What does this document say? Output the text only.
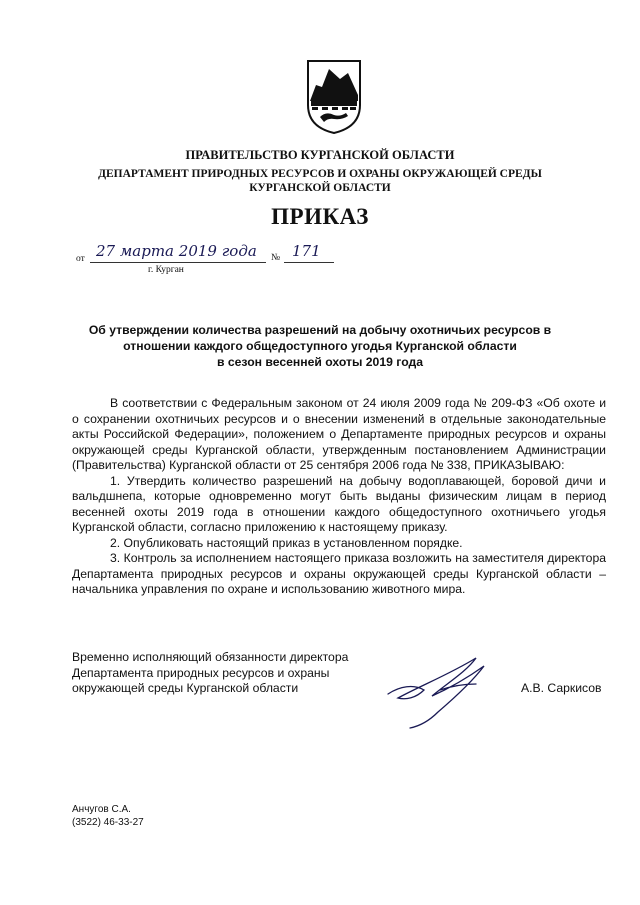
ПРАВИТЕЛЬСТВО КУРГАНСКОЙ ОБЛАСТИ
ДЕПАРТАМЕНТ ПРИРОДНЫХ РЕСУРСОВ И ОХРАНЫ ОКРУЖАЮЩЕЙ СРЕДЫ
КУРГАНСКОЙ ОБЛАСТИ
ПРИКАЗ
от 27 марта 2019 года № 171
г. Курган
Об утверждении количества разрешений на добычу охотничьих ресурсов в
отношении каждого общедоступного угодья Курганской области
в сезон весенней охоты 2019 года

В соответствии с Федеральным законом от 24 июля 2009 года № 209-ФЗ «Об охоте и о сохранении охотничьих ресурсов и о внесении изменений в отдельные законодательные акты Российской Федерации», положением о Департаменте природных ресурсов и охраны окружающей среды Курганской области, утвержденным постановлением Администрации (Правительства) Курганской области от 25 сентября 2006 года № 338, ПРИКАЗЫВАЮ:

1. Утвердить количество разрешений на добычу водоплавающей, боровой дичи и вальдшнепа, которые одновременно могут быть выданы физическим лицам в период весенней охоты 2019 года в отношении каждого общедоступного охотничьего угодья Курганской области, согласно приложению к настоящему приказу.

2. Опубликовать настоящий приказ в установленном порядке.

3. Контроль за исполнением настоящего приказа возложить на заместителя директора Департамента природных ресурсов и охраны окружающей среды Курганской области – начальника управления по охране и использованию животного мира.

Временно исполняющий обязанности директора
Департамента природных ресурсов и охраны
окружающей среды Курганской области	А.В. Саркисов
Анчугов С.А.
(3522) 46-33-27
